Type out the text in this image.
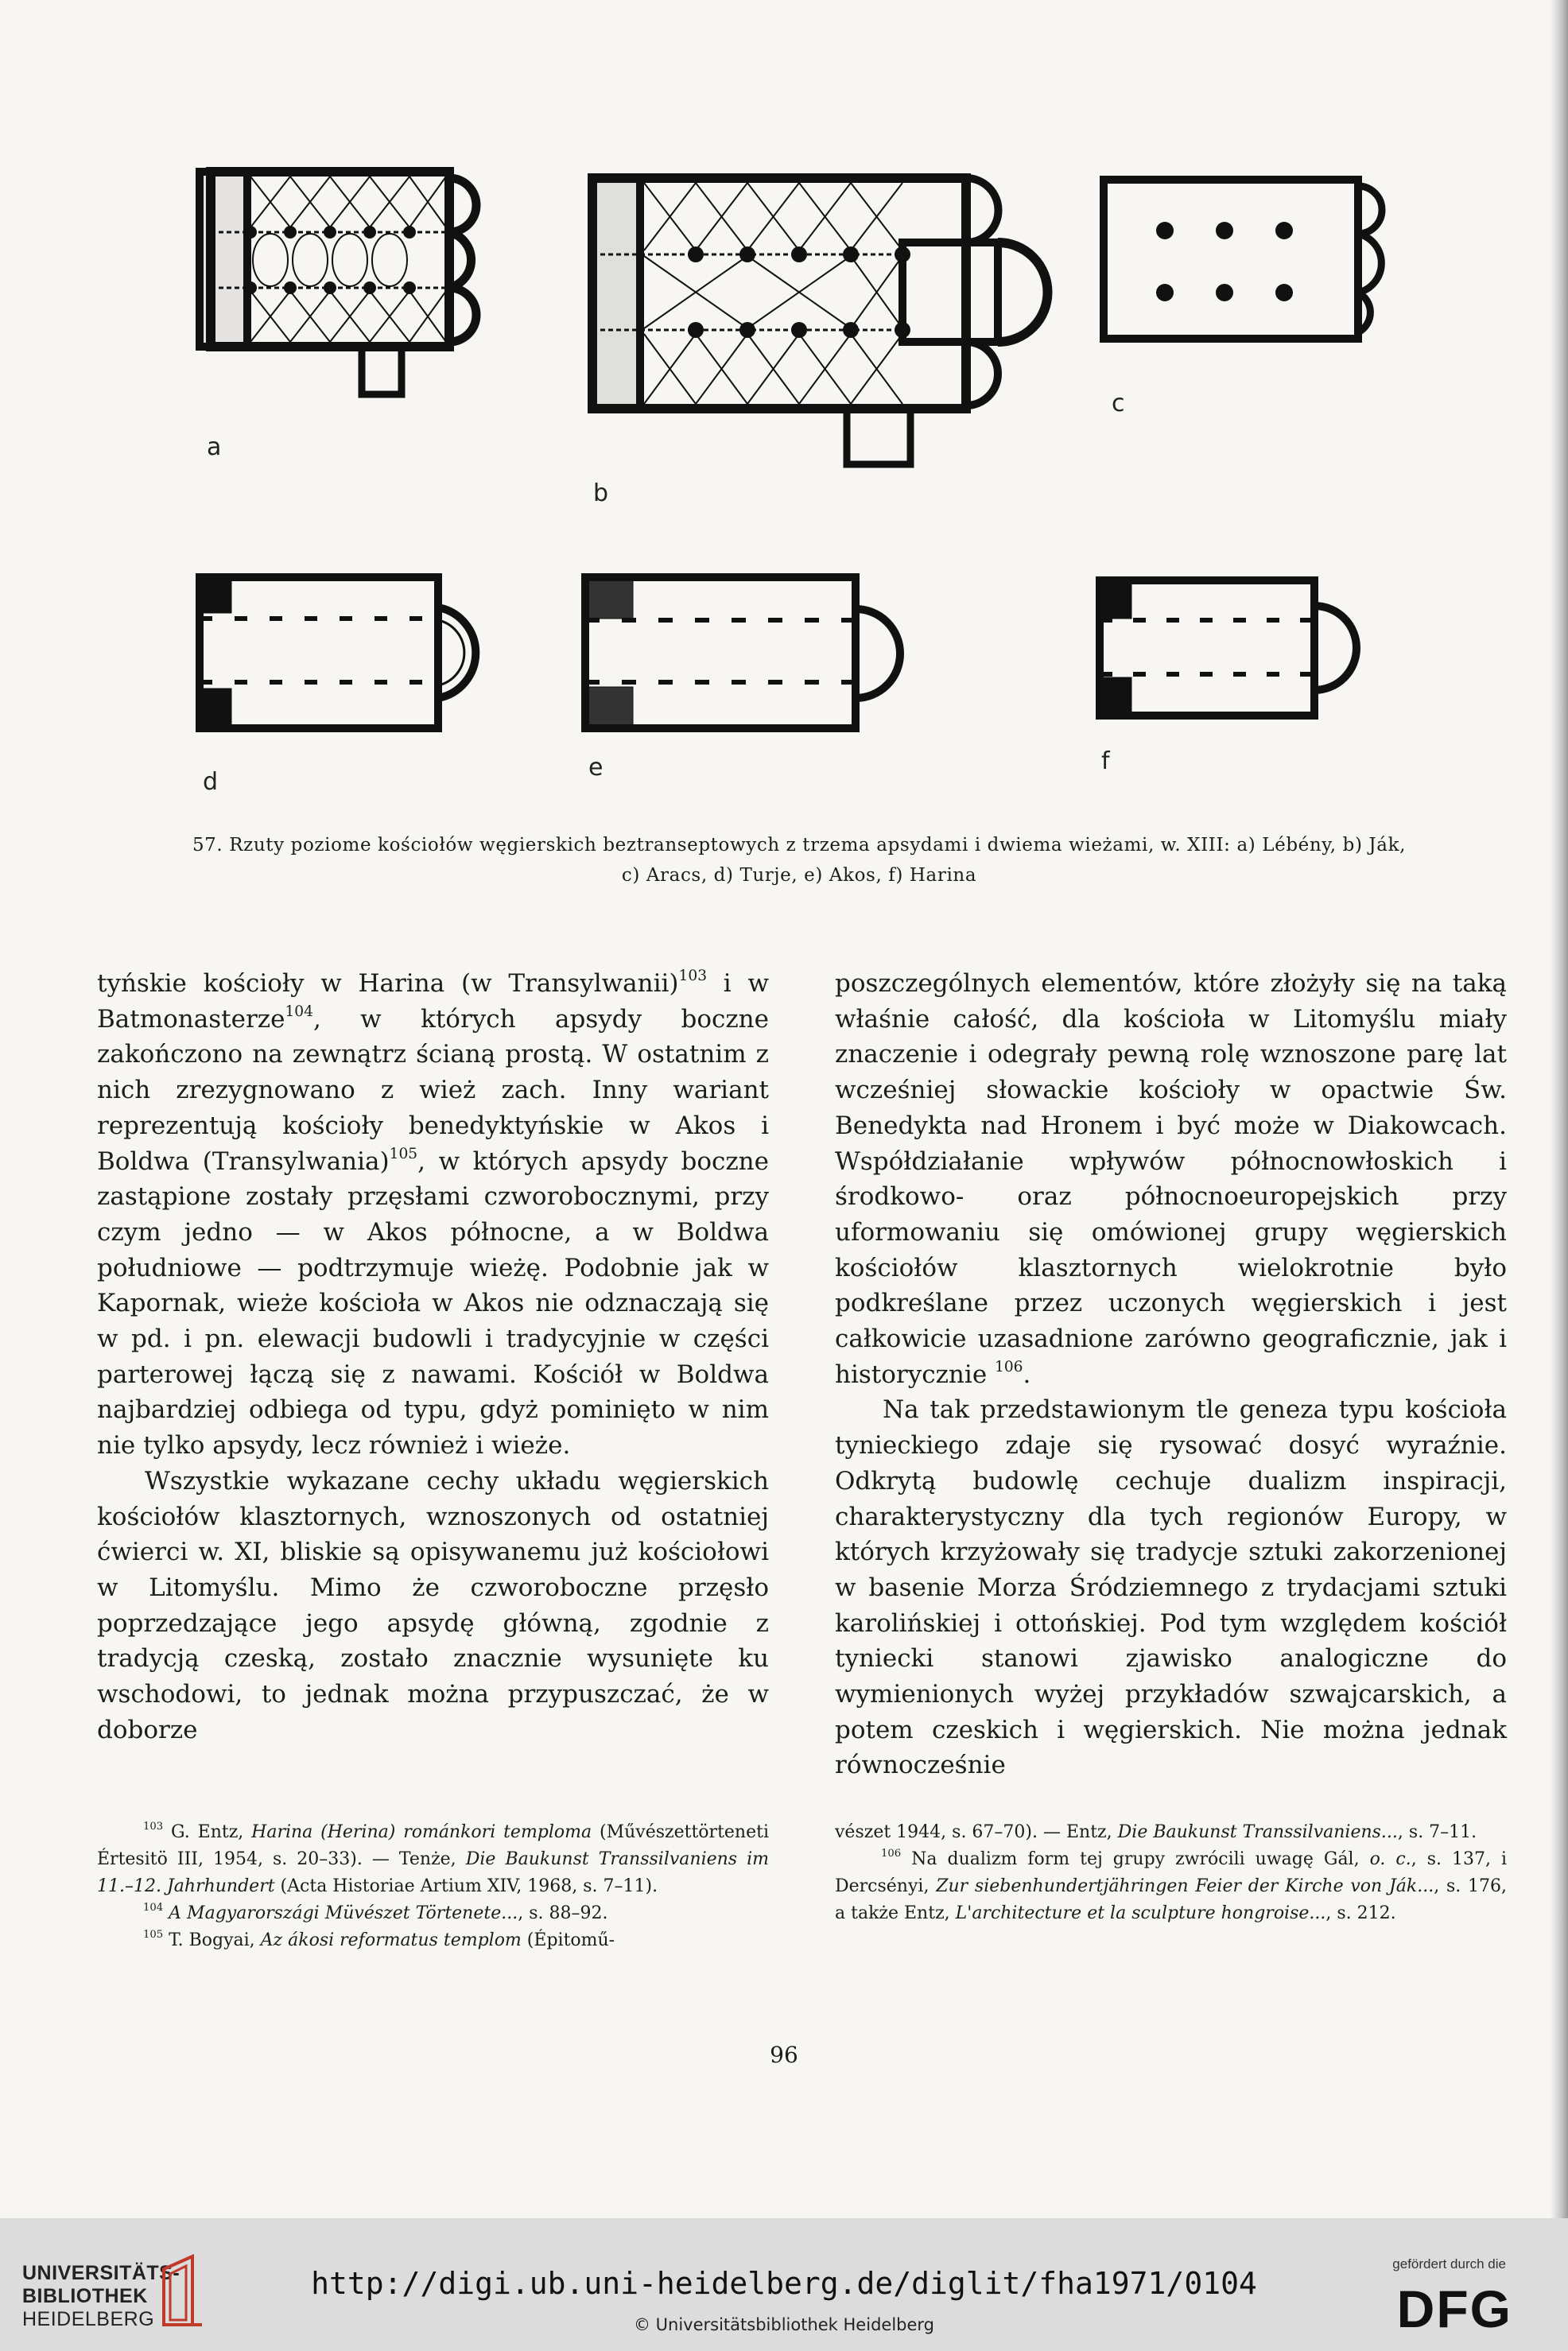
a
b
c
d
e	f
57. Rzuty poziome kościołów węgierskich beztranseptowych z trzema apsydami i dwiema wieżami, w. XIII: a) Lébény, b) Ják,
c) Aracs, d) Turje, e) Akos, f) Harina

tyńskie kościoły w Harina (w Transylwanii)$^{103}$ i w Batmonasterze$^{104}$, w których apsydy boczne zakończono na zewnątrz ścianą prostą. W ostatnim z nich zrezygnowano z wież zach. Inny wariant reprezentują kościoły benedyktyńskie w Akos i Boldwa (Transylwania)$^{105}$, w których apsydy boczne zastąpione zostały przęsłami czworobocznymi, przy czym jedno — w Akos północne, a w Boldwa południowe — podtrzymuje wieżę. Podobnie jak w Kapornak, wieże kościoła w Akos nie odznaczają się w pd. i pn. elewacji budowli i tradycyjnie w części parterowej łączą się z nawami. Kościół w Boldwa najbardziej odbiega od typu, gdyż pominięto w nim nie tylko apsydy, lecz również i wieże.

Wszystkie wykazane cechy układu węgierskich kościołów klasztornych, wznoszonych od ostatniej ćwierci w. XI, bliskie są opisywanemu już kościołowi w Litomyślu. Mimo że czworoboczne przęsło poprzedzające jego apsydę główną, zgodnie z tradycją czeską, zostało znacznie wysunięte ku wschodowi, to jednak można przypuszczać, że w doborze

poszczególnych elementów, które złożyły się na taką właśnie całość, dla kościoła w Litomyślu miały znaczenie i odegrały pewną rolę wznoszone parę lat wcześniej słowackie kościoły w opactwie Św. Benedykta nad Hronem i być może w Diakowcach. Współdziałanie wpływów północnowłoskich i środkowo- oraz północnoeuropejskich przy uformowaniu się omówionej grupy węgierskich kościołów klasztornych wielokrotnie było podkreślane przez uczonych węgierskich i jest całkowicie uzasadnione zarówno geograficznie, jak i historycznie $^{106}$.

Na tak przedstawionym tle geneza typu kościoła tynieckiego zdaje się rysować dosyć wyraźnie. Odkrytą budowlę cechuje dualizm inspiracji, charakterystyczny dla tych regionów Europy, w których krzyżowały się tradycje sztuki zakorzenionej w basenie Morza Śródziemnego z trydacjami sztuki karolińskiej i ottońskiej. Pod tym względem kościół tyniecki stanowi zjawisko analogiczne do wymienionych wyżej przykładów szwajcarskich, a potem czeskich i węgierskich. Nie można jednak równocześnie

$^{103}$ G. Entz, Harina (Herina) románkori temploma (Művészettörteneti Értesitö III, 1954, s. 20–33). — Tenże, Die Baukunst Transsilvaniens im 11.–12. Jahrhundert (Acta Historiae Artium XIV, 1968, s. 7–11).

$^{104}$ A Magyarországi Müvészet Törtenete..., s. 88–92.

$^{105}$ T. Bogyai, Az ákosi reformatus templom (Épitomű-

vészet 1944, s. 67–70). — Entz, Die Baukunst Transsilvaniens..., s. 7–11.

$^{106}$ Na dualizm form tej grupy zwrócili uwagę Gál, o. c., s. 137, i Dercsényi, Zur siebenhundertjähringen Feier der Kirche von Ják..., s. 176, a także Entz, L'architecture et la sculpture hongroise..., s. 212.

96
UNIVERSITÄTS-
BIBLIOTHEK
HEIDELBERG
http://digi.ub.uni-heidelberg.de/diglit/fha1971/0104
© Universitätsbibliothek Heidelberg
gefördert durch die
DFG
